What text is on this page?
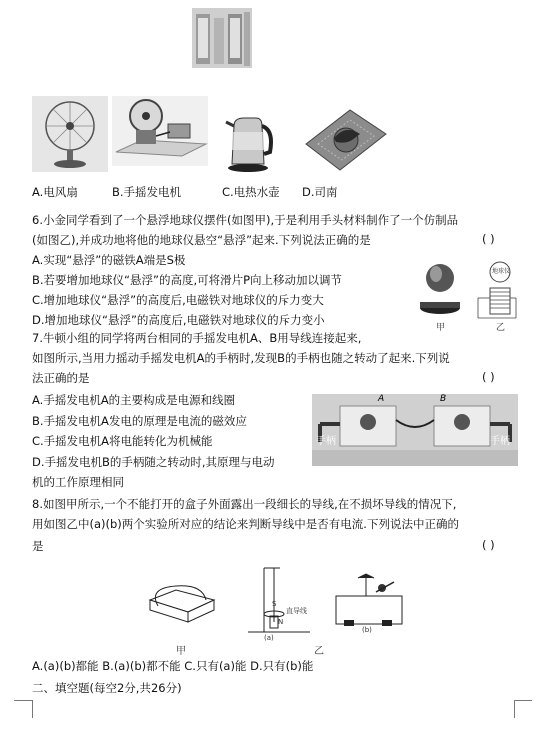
A.电风扇	B.手摇发电机	C.电热水壶 D.司南
6.小金同学看到了一个悬浮地球仪摆件(如图甲),于是利用手头材料制作了一个仿制品
(如图乙),并成功地将他的地球仪悬空“悬浮”起来.下列说法正确的是	( )
A.实现“悬浮”的磁铁A端是S极
B.若要增加地球仪“悬浮”的高度,可将滑片P向上移动加以调节
C.增加地球仪“悬浮”的高度后,电磁铁对地球仪的斥力变大
D.增加地球仪“悬浮”的高度后,电磁铁对地球仪的斥力变小
地球仪
甲	乙
7.牛顿小组的同学将两台相同的手摇发电机A、B用导线连接起来,
如图所示,当用力摇动手摇发电机A的手柄时,发现B的手柄也随之转动了起来.下列说
法正确的是	( )
A.手摇发电机A的主要构成是电源和线圈
B.手摇发电机A发电的原理是电流的磁效应
C.手摇发电机A将电能转化为机械能
D.手摇发电机B的手柄随之转动时,其原理与电动
机的工作原理相同
手柄	手柄
A	B
8.如图甲所示,一个不能打开的盒子外面露出一段细长的导线,在不损坏导线的情况下,
用如图乙中(a)(b)两个实验所对应的结论来判断导线中是否有电流.下列说法中正确的
是	( )
甲
S
N
直导线
(a)
乙
(b)
A.(a)(b)都能 B.(a)(b)都不能 C.只有(a)能 D.只有(b)能
二、填空题(每空2分,共26分)
